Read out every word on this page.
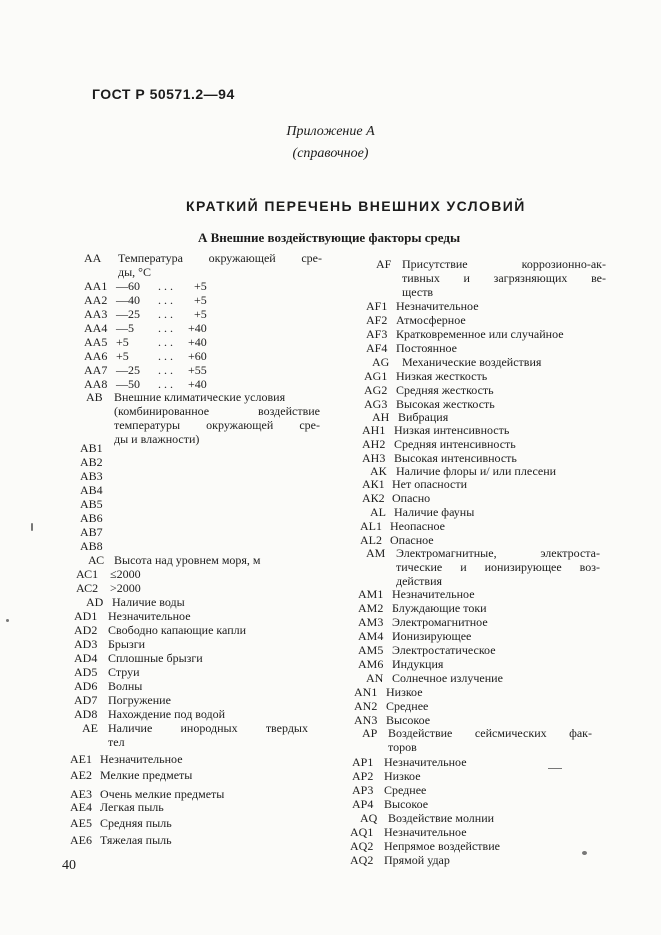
ГОСТ Р 50571.2—94
Приложение А
(справочное)
КРАТКИЙ ПЕРЕЧЕНЬ ВНЕШНИХ УСЛОВИЙ
А Внешние воздействующие факторы среды
АА Температура окружающей сре-
ды, °С
АА1 —60 . . . +5
АА2 —40 . . . +5
АА3 —25 . . . +5
АА4 —5 . . . +40
АА5 +5 . . . +40
АА6 +5 . . . +60
АА7 —25 . . . +55
АА8 —50 . . . +40
АВ Внешние климатические условия

(комбинированное воздействие
температуры окружающей сре-
ды и влажности)
АВ1
АВ2
АВ3
АВ4
АВ5
АВ6
АВ7
АВ8
АС Высота над уровнем моря, м
АС1 ≤2000
АС2 >2000
AD Наличие воды
AD1 Незначительное
AD2 Свободно капающие капли
AD3 Брызги
AD4 Сплошные брызги
AD5 Струи
AD6 Волны
AD7 Погружение
AD8 Нахождение под водой
АЕ Наличие инородных твердых
тел
АЕ1 Незначительное
АЕ2 Мелкие предметы
АЕ3 Очень мелкие предметы
АЕ4 Легкая пыль
АЕ5 Средняя пыль
АЕ6 Тяжелая пыль
AF Присутствие коррозионно-ак-
тивных и загрязняющих ве-
ществ
AF1 Незначительное
AF2 Атмосферное
AF3 Кратковременное или случайное
AF4 Постоянное
AG Механические воздействия
AG1 Низкая жесткость
AG2 Средняя жесткость
AG3 Высокая жесткость
АН Вибрация
АН1 Низкая интенсивность
АН2 Средняя интенсивность
АН3 Высокая интенсивность
АК Наличие флоры и/ или плесени
АК1 Нет опасности
АК2 Опасно
AL Наличие фауны
AL1 Неопасное
AL2 Опасное
AM Электромагнитные, электроста-
тические и ионизирующее воз-
действия
AM1 Незначительное
AM2 Блуждающие токи
AM3 Электромагнитное
AM4 Ионизирующее
AM5 Электростатическое
AM6 Индукция
AN Солнечное излучение
AN1 Низкое
AN2 Среднее
AN3 Высокое
АР Воздействие сейсмических фак-
торов
АР1 Незначительное
АР2 Низкое
АР3 Среднее
АР4 Высокое
AQ Воздействие молнии
AQ1 Незначительное
AQ2 Непрямое воздействие
AQ2 Прямой удар
40
